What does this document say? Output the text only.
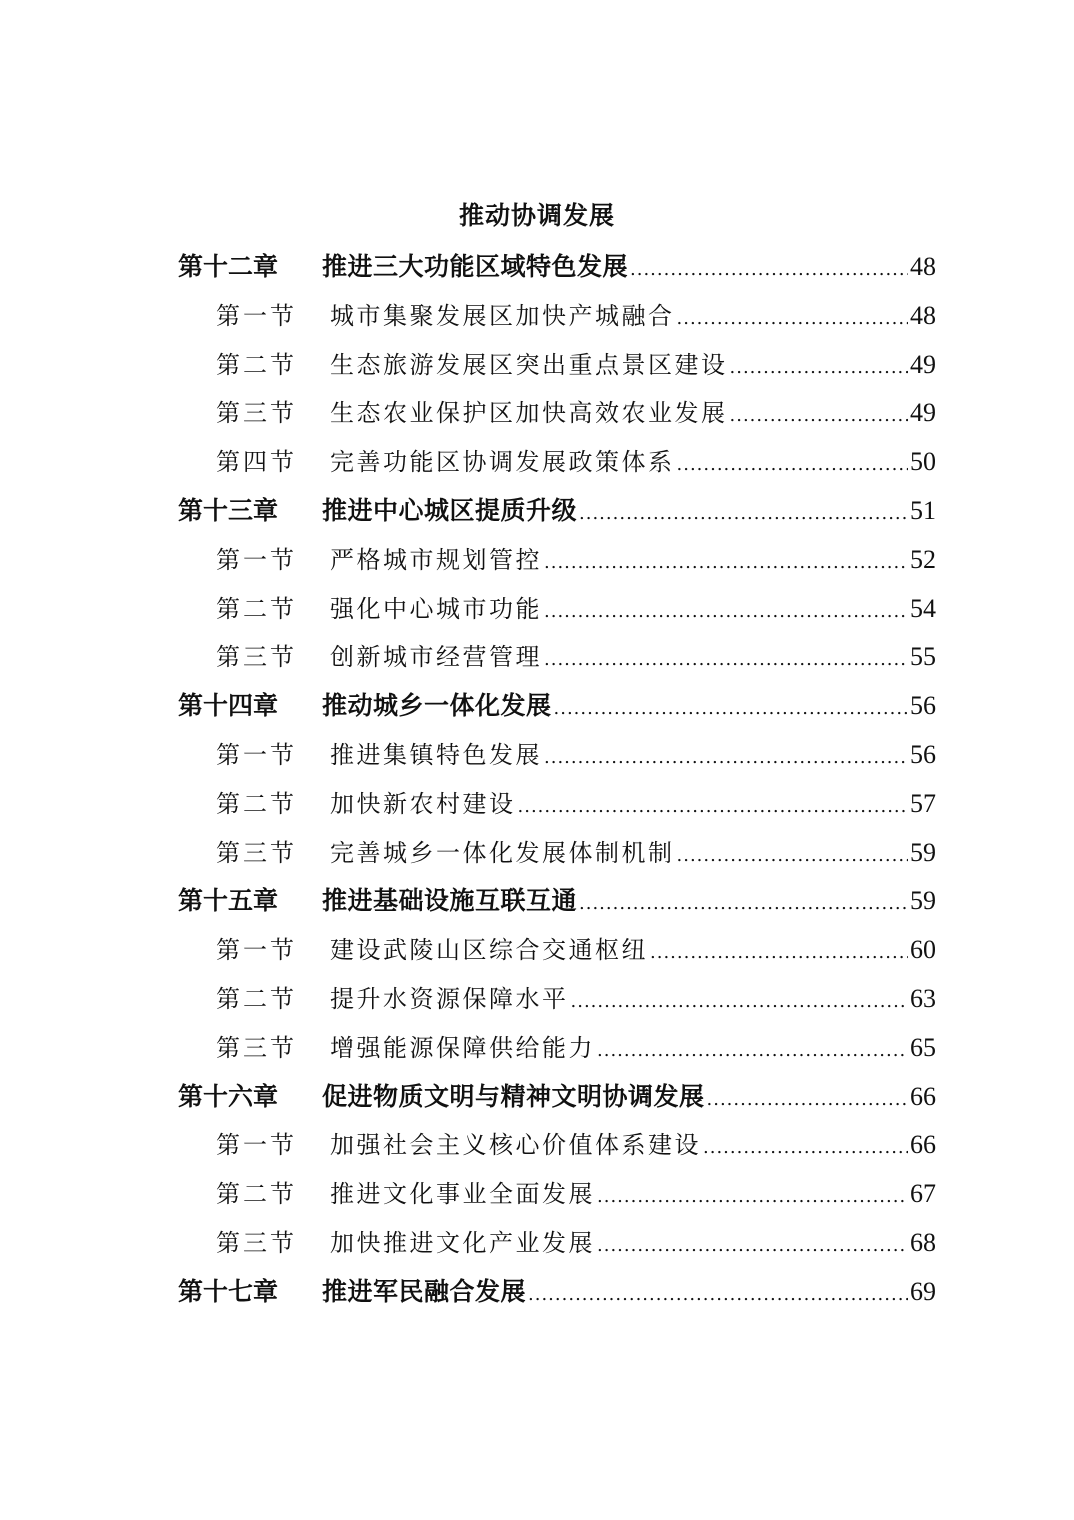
推动协调发展
第十二章	推进三大功能区域特色发展 .....	48
第一节	城市集聚发展区加快产城融合 .....	48
第二节	生态旅游发展区突出重点景区建设 .....	49
第三节	生态农业保护区加快高效农业发展 .....	49
第四节	完善功能区协调发展政策体系 .....	50
第十三章	推进中心城区提质升级 .....	51
第一节	严格城市规划管控 .....	52
第二节	强化中心城市功能 .....	54
第三节	创新城市经营管理 .....	55
第十四章	推动城乡一体化发展 .....	56
第一节	推进集镇特色发展 .....	56
第二节	加快新农村建设 .....	57
第三节	完善城乡一体化发展体制机制 .....	59
第十五章	推进基础设施互联互通 .....	59
第一节	建设武陵山区综合交通枢纽 .....	60
第二节	提升水资源保障水平 .....	63
第三节	增强能源保障供给能力 .....	65
第十六章	促进物质文明与精神文明协调发展 .....	66
第一节	加强社会主义核心价值体系建设 .....	66
第二节	推进文化事业全面发展 .....	67
第三节	加快推进文化产业发展 .....	68
第十七章	推进军民融合发展 .....	69
